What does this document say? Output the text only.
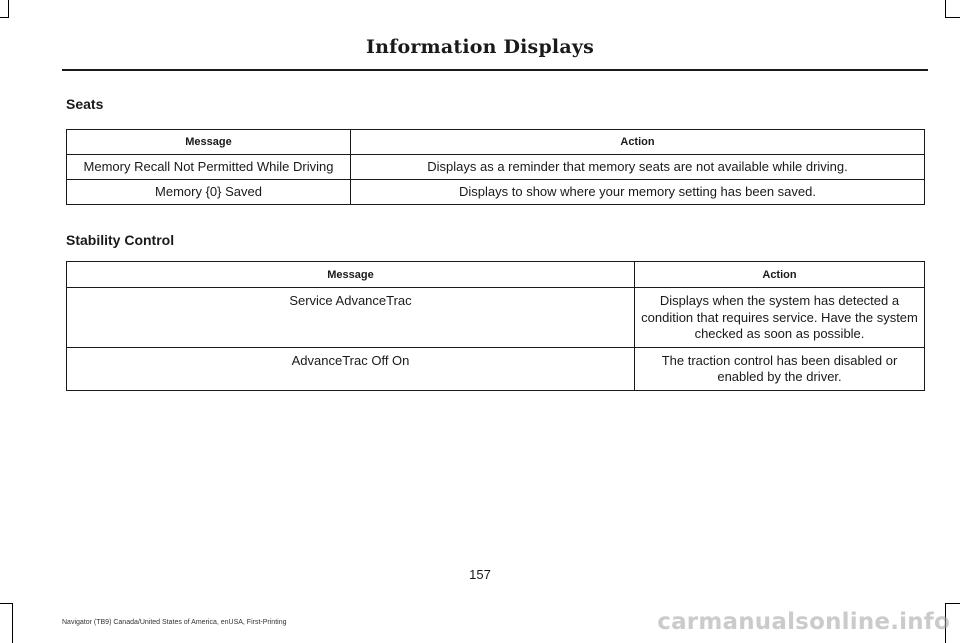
Information Displays
Seats
Message	Action
Memory Recall Not Permitted While Driving	Displays as a reminder that memory seats are not available while driving.
Memory {0} Saved	Displays to show where your memory setting has been saved.
Stability Control
Message	Action
Service AdvanceTrac	Displays when the system has detected a condition that requires service. Have the system checked as soon as possible.
AdvanceTrac Off On	The traction control has been disabled or enabled by the driver.
157
Navigator (TB9) Canada/United States of America, enUSA, First-Printing	carmanualsonline.info
